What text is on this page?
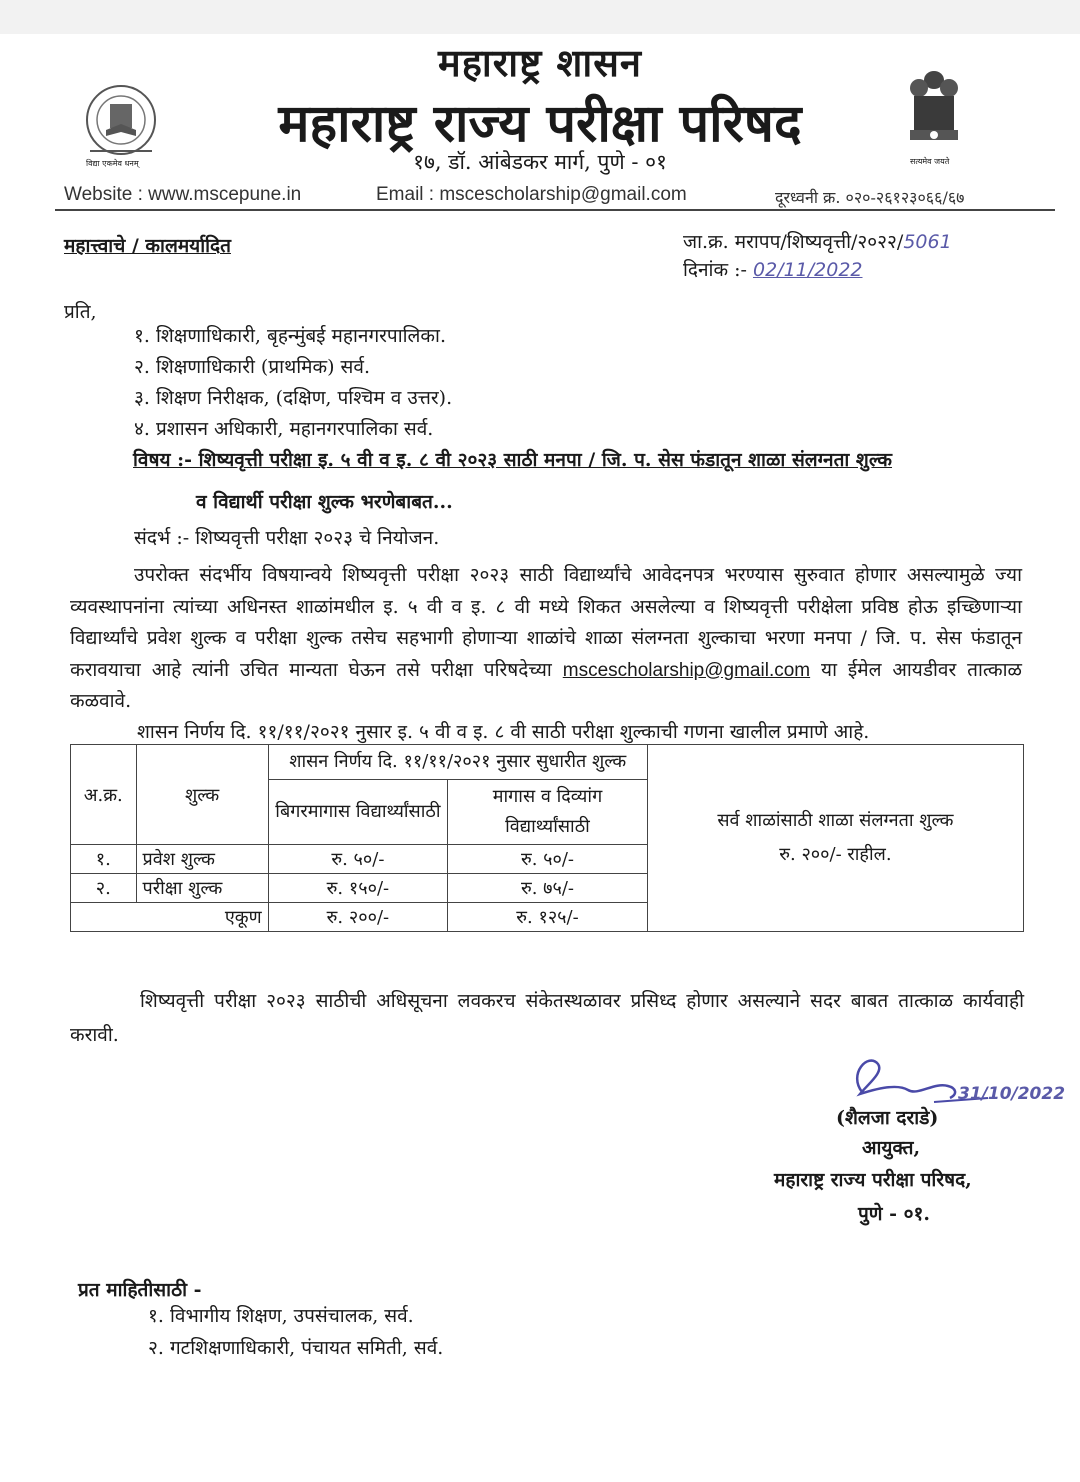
विद्या एकमेव धनम्	सत्यमेव जयते
महाराष्ट्र शासन
महाराष्ट्र राज्य परीक्षा परिषद
१७, डॉ. आंबेडकर मार्ग, पुणे - ०१
Website : www.mscepune.in	Email : mscescholarship@gmail.com	दूरध्वनी क्र. ०२०-२६१२३०६६/६७
महात्त्वाचे / कालमर्यादित	जा.क्र. मरापप/शिष्यवृत्ती/२०२२/5061
दिनांक :- 02/11/2022
प्रति,
१. शिक्षणाधिकारी, बृहन्मुंबई महानगरपालिका.
२. शिक्षणाधिकारी (प्राथमिक) सर्व.
३. शिक्षण निरीक्षक, (दक्षिण, पश्चिम व उत्तर).
४. प्रशासन अधिकारी, महानगरपालिका सर्व.
विषय :- शिष्यवृत्ती परीक्षा इ. ५ वी व इ. ८ वी २०२३ साठी मनपा / जि. प. सेस फंडातून शाळा संलग्नता शुल्क
व विद्यार्थी परीक्षा शुल्क भरणेबाबत...
संदर्भ :- शिष्यवृत्ती परीक्षा २०२३ चे नियोजन.
उपरोक्त संदर्भीय विषयान्वये शिष्यवृत्ती परीक्षा २०२३ साठी विद्यार्थ्यांचे आवेदनपत्र भरण्यास सुरुवात होणार असल्यामुळे ज्या व्यवस्थापनांना त्यांच्या अधिनस्त शाळांमधील इ. ५ वी व इ. ८ वी मध्ये शिकत असलेल्या व शिष्यवृत्ती परीक्षेला प्रविष्ठ होऊ इच्छिणाऱ्या विद्यार्थ्यांचे प्रवेश शुल्क व परीक्षा शुल्क तसेच सहभागी होणाऱ्या शाळांचे शाळा संलग्नता शुल्काचा भरणा मनपा / जि. प. सेस फंडातून करावयाचा आहे त्यांनी उचित मान्यता घेऊन तसे परीक्षा परिषदेच्या mscescholarship@gmail.com या ईमेल आयडीवर तात्काळ कळवावे.
शासन निर्णय दि. ११/११/२०२१ नुसार इ. ५ वी व इ. ८ वी साठी परीक्षा शुल्काची गणना खालील प्रमाणे आहे.
अ.क्र.	शुल्क	शासन निर्णय दि. ११/११/२०२१ नुसार सुधारीत शुल्क		सर्व शाळांसाठी शाळा संलग्नता शुल्क
रु. २००/- राहील.

		बिगरमागास विद्यार्थ्यांसाठी	मागास व दिव्यांग विद्यार्थ्यांसाठी	
१.	प्रवेश शुल्क	रु. ५०/-	रु. ५०/-	
२.	परीक्षा शुल्क	रु. १५०/-	रु. ७५/-	
एकूण		रु. २००/-	रु. १२५/-	
शिष्यवृत्ती परीक्षा २०२३ साठीची अधिसूचना लवकरच संकेतस्थळावर प्रसिध्द होणार असल्याने सदर बाबत तात्काळ कार्यवाही करावी.
31/10/2022
(शैलजा दराडे)
आयुक्त,
महाराष्ट्र राज्य परीक्षा परिषद,
पुणे - ०१.
प्रत माहितीसाठी -
१. विभागीय शिक्षण, उपसंचालक, सर्व.
२. गटशिक्षणाधिकारी, पंचायत समिती, सर्व.
